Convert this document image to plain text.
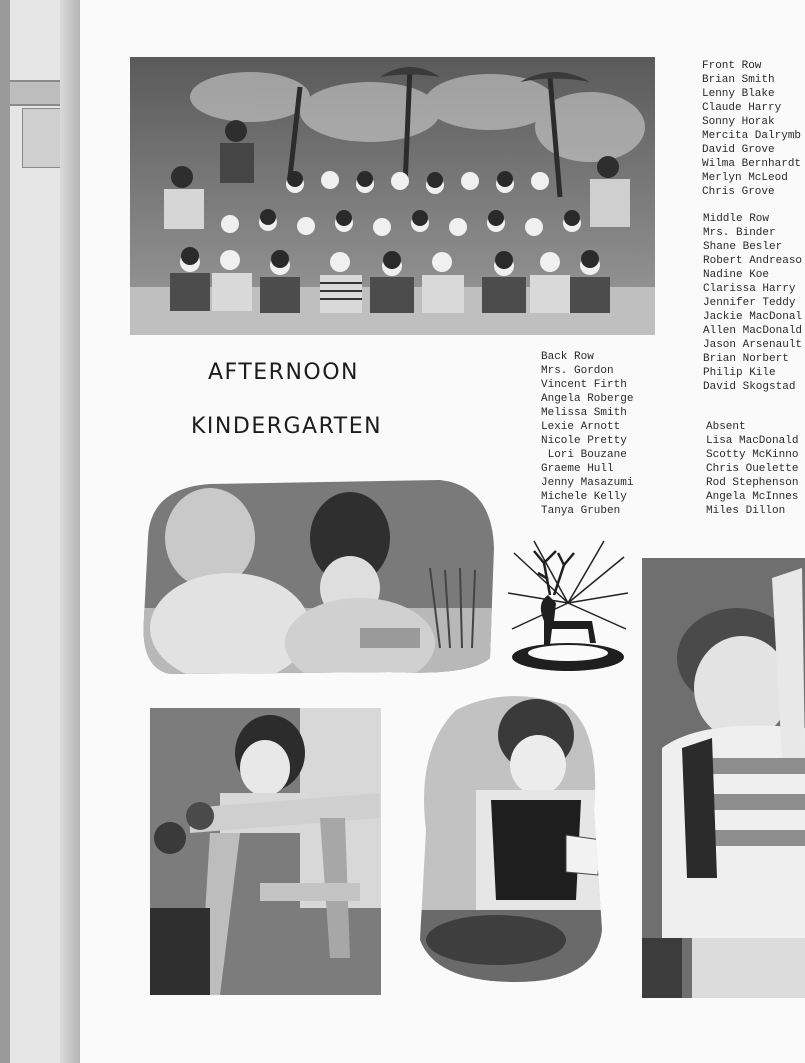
AFTERNOON
KINDERGARTEN
Front Row
Brian Smith
Lenny Blake
Claude Harry
Sonny Horak
Mercita Dalrymb
David Grove
Wilma Bernhardt
Merlyn McLeod
Chris Grove
Middle Row
Mrs. Binder
Shane Besler
Robert Andreaso
Nadine Koe
Clarissa Harry
Jennifer Teddy
Jackie MacDonal
Allen MacDonald
Jason Arsenault
Brian Norbert
Philip Kile
David Skogstad
Back Row
Mrs. Gordon
Vincent Firth
Angela Roberge
Melissa Smith
Lexie Arnott
Nicole Pretty
Lori Bouzane
Graeme Hull
Jenny Masazumi
Michele Kelly
Tanya Gruben
Absent
Lisa MacDonald
Scotty McKinno
Chris Ouelette
Rod Stephenson
Angela McInnes
Miles Dillon
